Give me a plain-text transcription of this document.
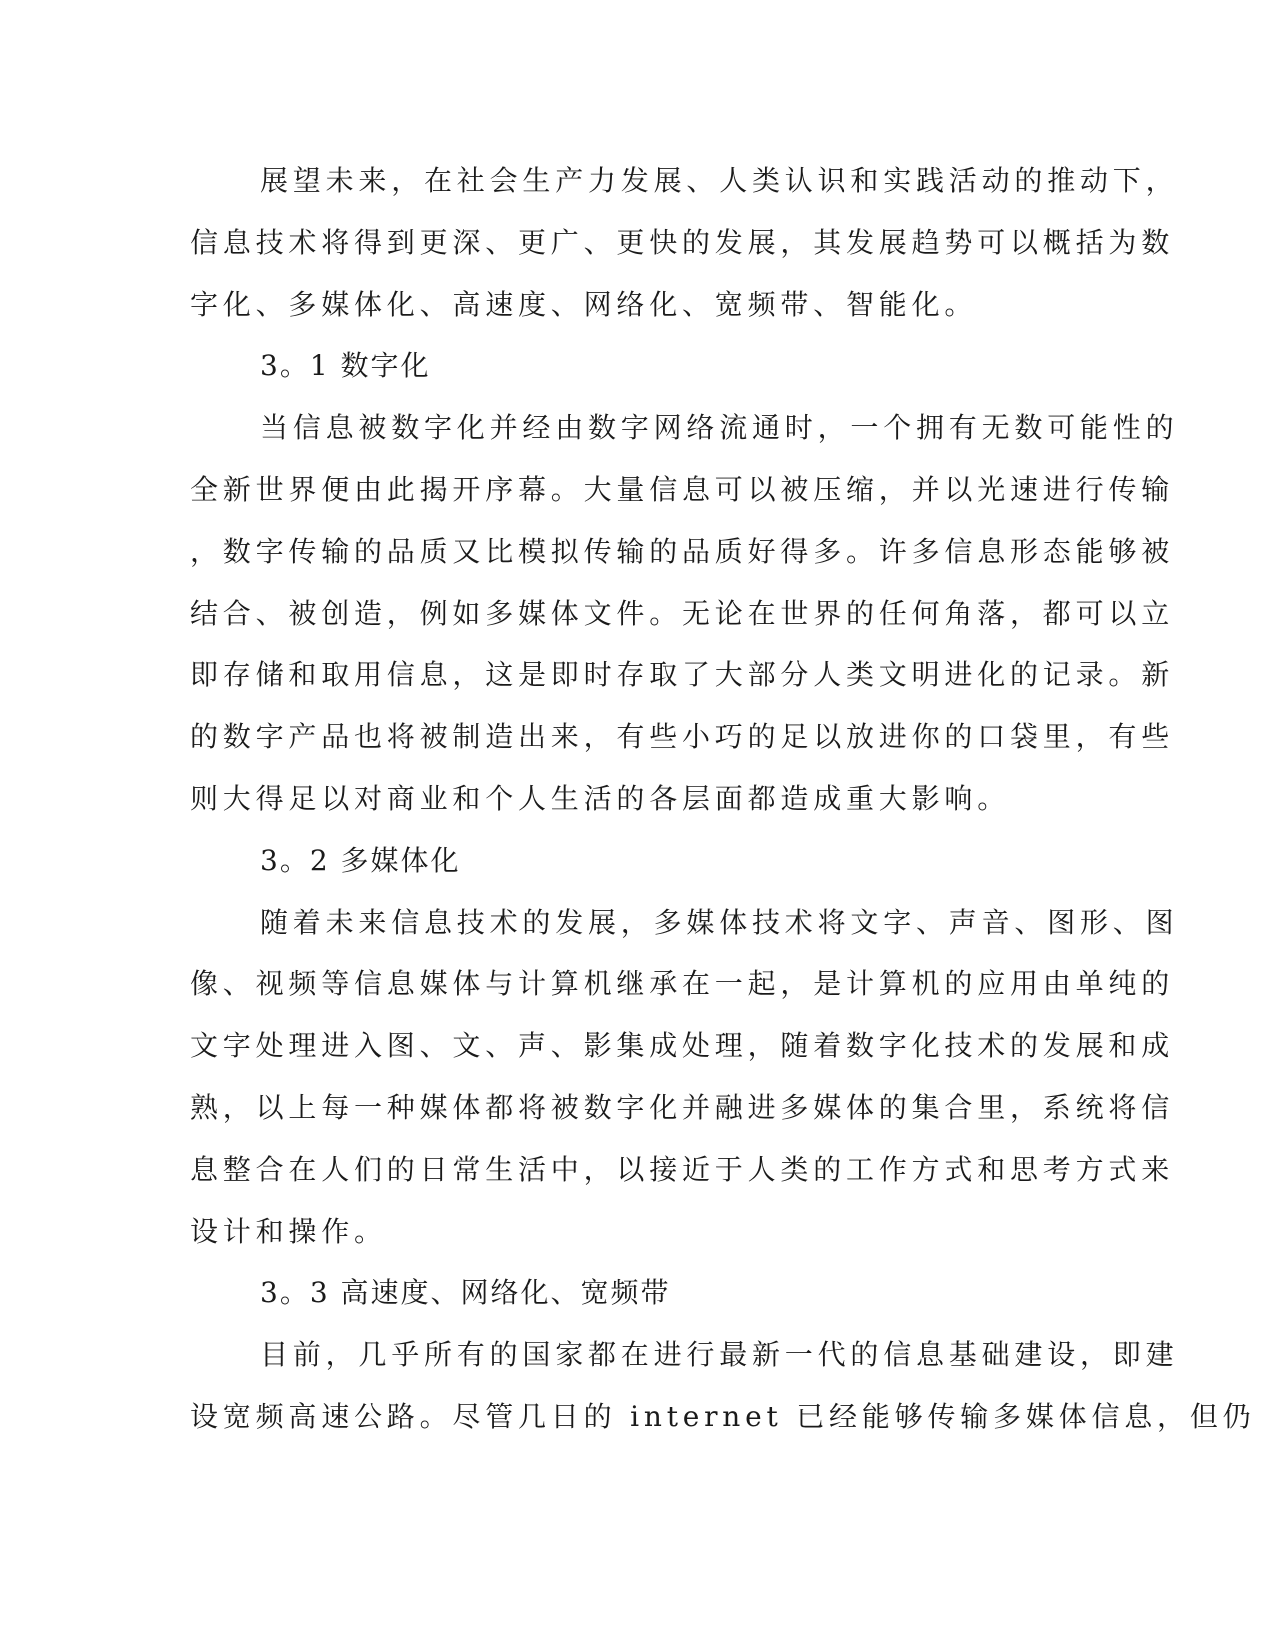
展望未来，在社会生产力发展、人类认识和实践活动的推动下，
信息技术将得到更深、更广、更快的发展，其发展趋势可以概括为数
字化、多媒体化、高速度、网络化、宽频带、智能化。
3。1 数字化
当信息被数字化并经由数字网络流通时，一个拥有无数可能性的
全新世界便由此揭开序幕。大量信息可以被压缩，并以光速进行传输
，数字传输的品质又比模拟传输的品质好得多。许多信息形态能够被
结合、被创造，例如多媒体文件。无论在世界的任何角落，都可以立
即存储和取用信息，这是即时存取了大部分人类文明进化的记录。新
的数字产品也将被制造出来，有些小巧的足以放进你的口袋里，有些
则大得足以对商业和个人生活的各层面都造成重大影响。
3。2 多媒体化
随着未来信息技术的发展，多媒体技术将文字、声音、图形、图
像、视频等信息媒体与计算机继承在一起，是计算机的应用由单纯的
文字处理进入图、文、声、影集成处理，随着数字化技术的发展和成
熟，以上每一种媒体都将被数字化并融进多媒体的集合里，系统将信
息整合在人们的日常生活中，以接近于人类的工作方式和思考方式来
设计和操作。
3。3 高速度、网络化、宽频带
目前，几乎所有的国家都在进行最新一代的信息基础建设，即建
设宽频高速公路。尽管几日的 internet 已经能够传输多媒体信息，但仍
